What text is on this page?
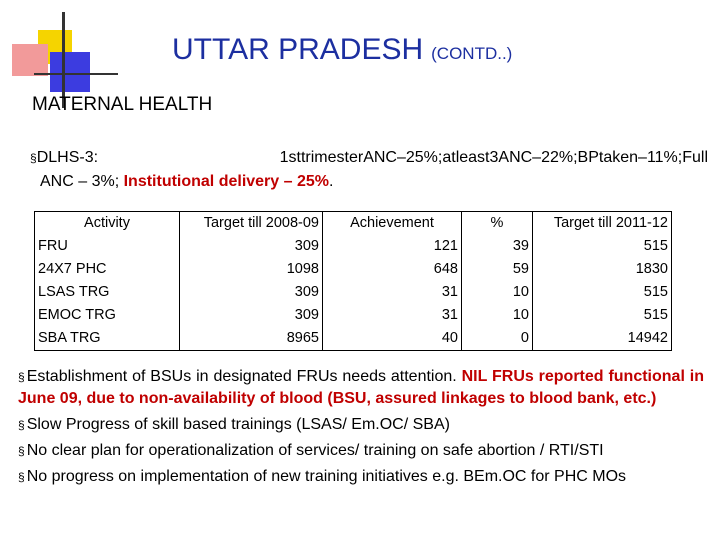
UTTAR PRADESH (CONTD..)
MATERNAL HEALTH
§ DLHS-3:	1st trimester ANC – 25%; at least 3 ANC – 22%; BP taken – 11%; Full
ANC – 3%; Institutional delivery – 25%.
Activity	Target till 2008-09	Achievement	%	Target till 2011-12
FRU	309	121	39	515
24X7 PHC	1098	648	59	1830
LSAS TRG	309	31	10	515
EMOC TRG	309	31	10	515
SBA TRG	8965	40	0	14942
§ Establishment of BSUs in designated FRUs needs attention. NIL FRUs reported functional in June 09, due to non-availability of blood (BSU, assured linkages to blood bank, etc.)
§ Slow Progress of skill based trainings (LSAS/ Em.OC/ SBA)
§ No clear plan for operationalization of services/ training on safe abortion / RTI/STI
§ No progress on implementation of new training initiatives e.g. BEm.OC for PHC MOs
